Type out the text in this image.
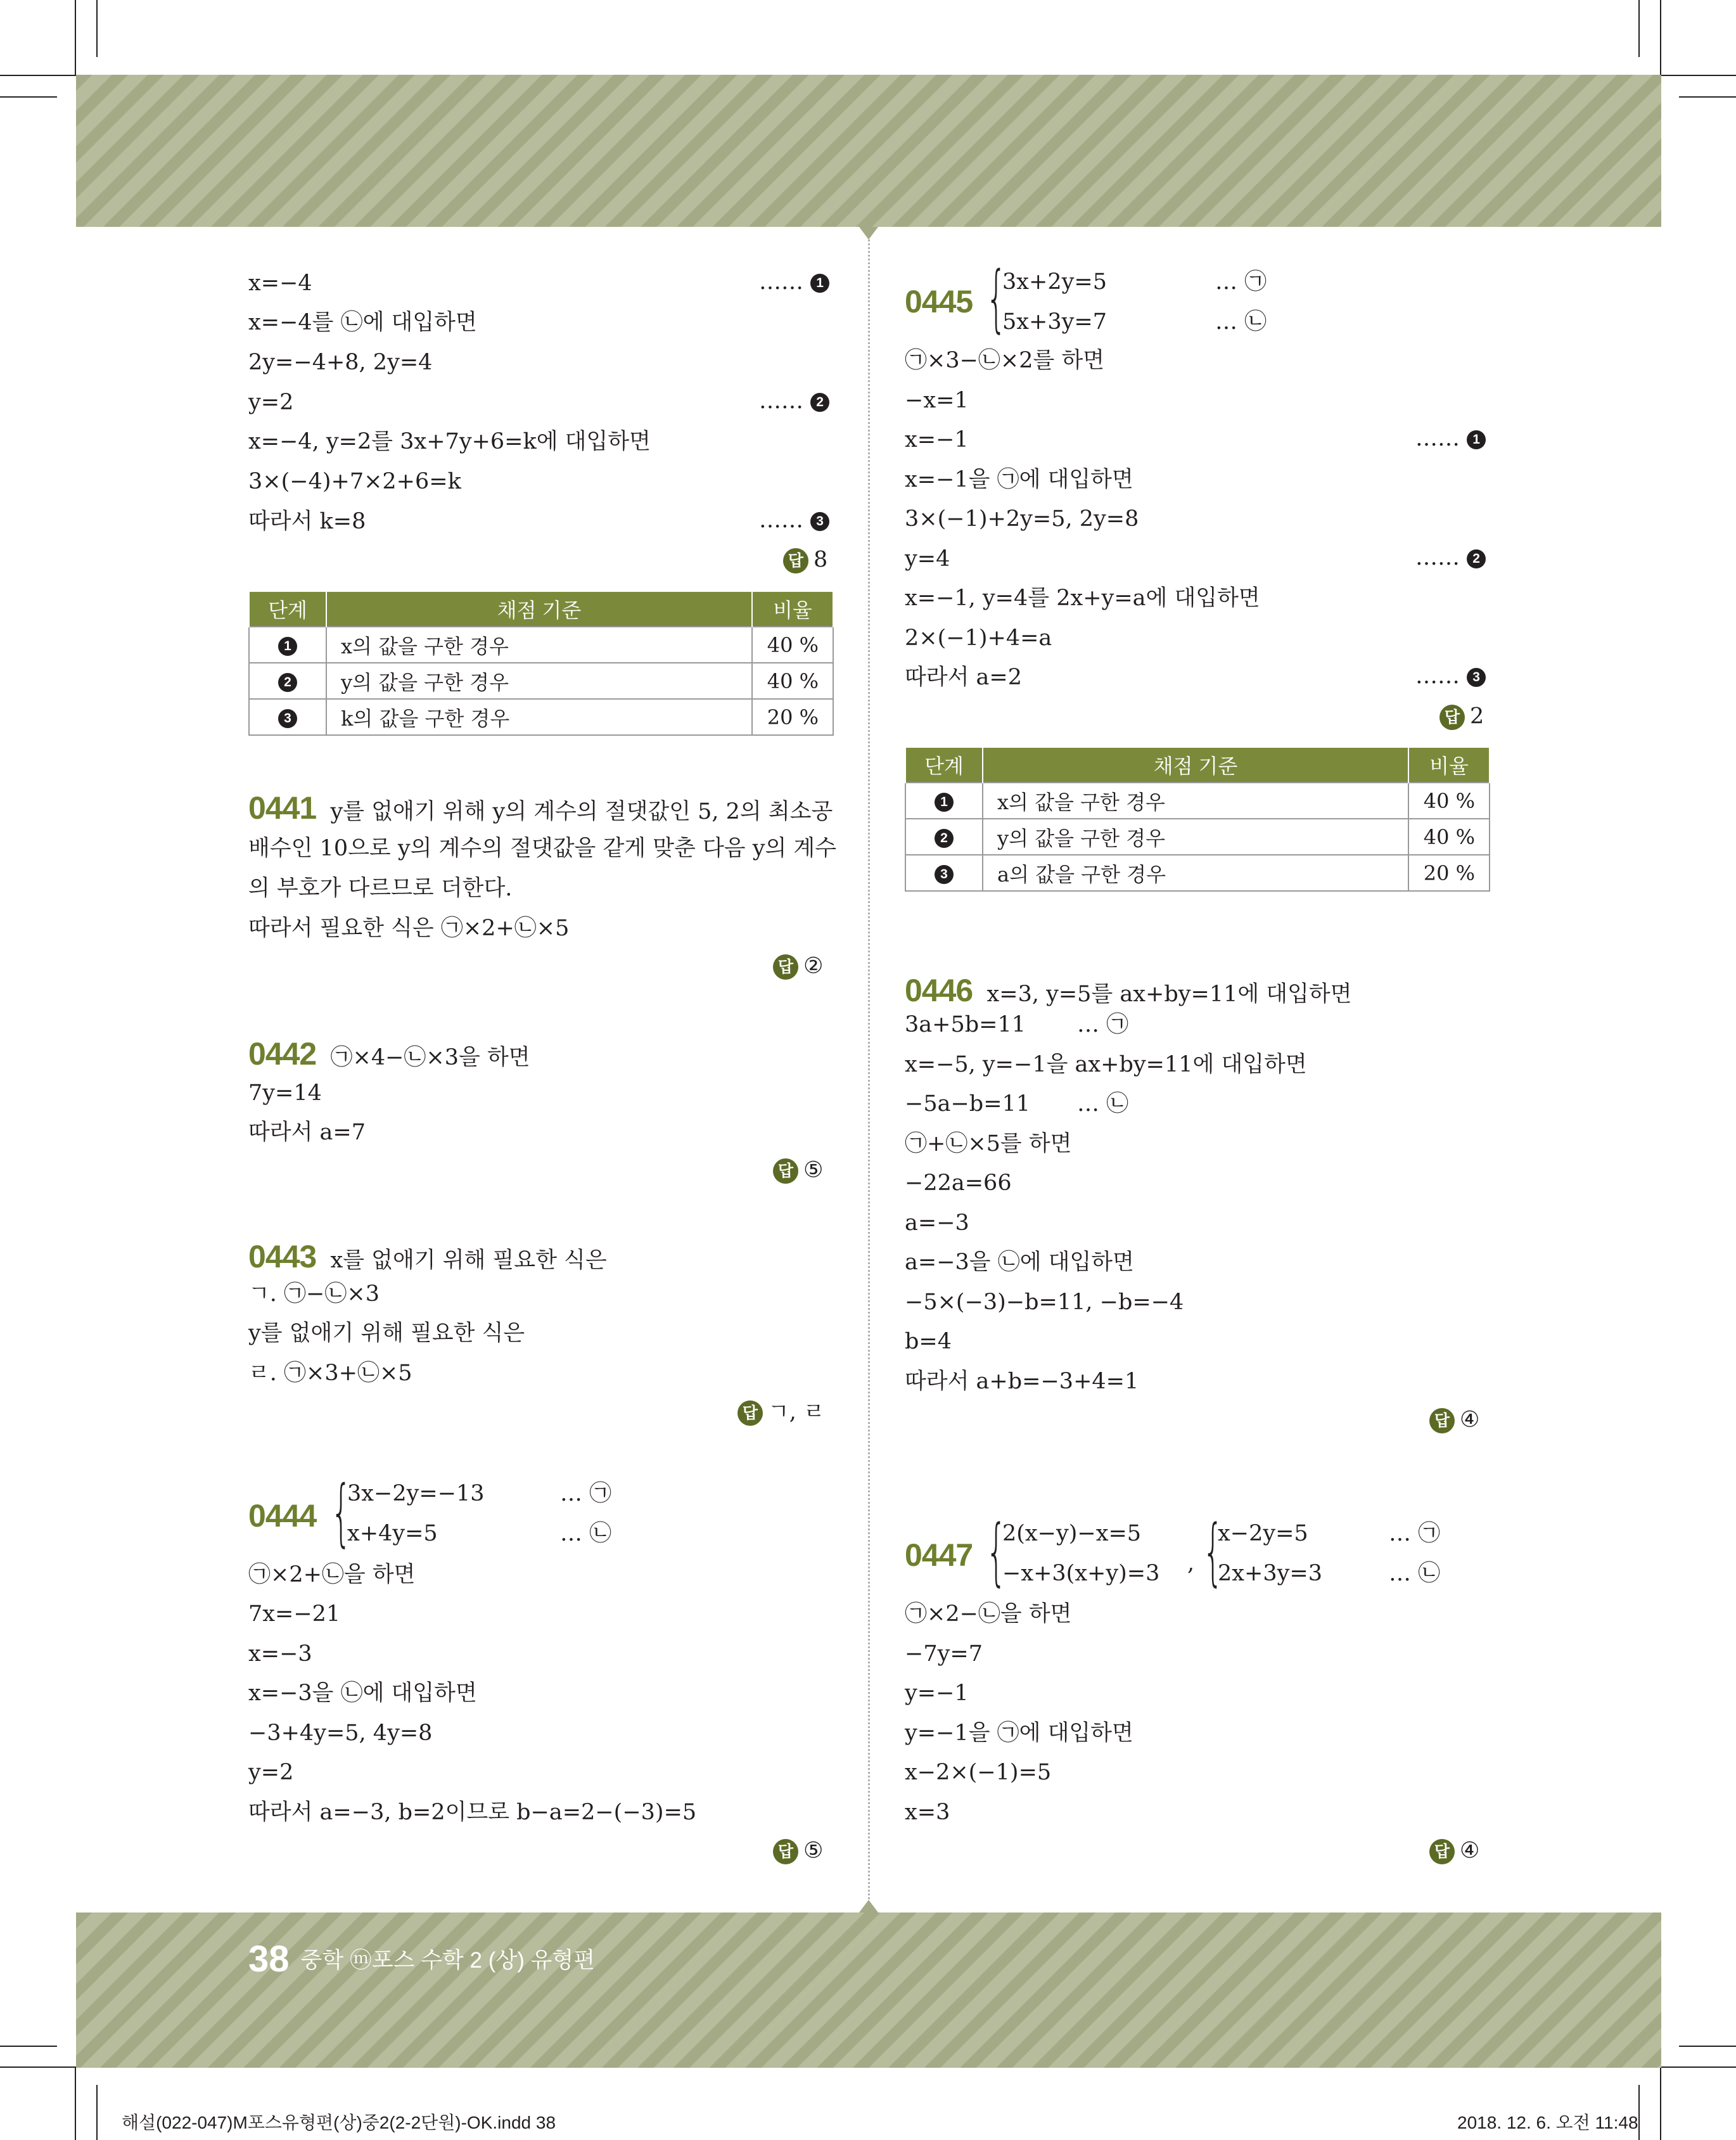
x=−4	…… 1
x=−4를 ㉡에 대입하면
2y=−4+8, 2y=4
y=2	…… 2
x=−4, y=2를 3x+7y+6=k에 대입하면
3×(−4)+7×2+6=k
따라서 k=8	…… 3
답 8
단계	채점 기준	비율
1	x의 값을 구한 경우	40 %
2	y의 값을 구한 경우	40 %
3	k의 값을 구한 경우	20 %
0441 y를 없애기 위해 y의 계수의 절댓값인 5, 2의 최소공
배수인 10으로 y의 계수의 절댓값을 같게 맞춘 다음 y의 계수
의 부호가 다르므로 더한다.
따라서 필요한 식은 ㉠×2+㉡×5
답 ②
0442 ㉠×4−㉡×3을 하면
7y=14
따라서 a=7
답 ⑤
0443 x를 없애기 위해 필요한 식은
ㄱ. ㉠−㉡×3
y를 없애기 위해 필요한 식은
ㄹ. ㉠×3+㉡×5
답 ㄱ, ㄹ
0444 {
3x−2y=−13
x+4y=5
… ㉠
… ㉡
㉠×2+㉡을 하면
7x=−21
x=−3
x=−3을 ㉡에 대입하면
−3+4y=5, 4y=8
y=2
따라서 a=−3, b=2이므로 b−a=2−(−3)=5
답 ⑤
0445 {
3x+2y=5
5x+3y=7
… ㉠
… ㉡
㉠×3−㉡×2를 하면
−x=1
x=−1	…… 1
x=−1을 ㉠에 대입하면
3×(−1)+2y=5, 2y=8
y=4	…… 2
x=−1, y=4를 2x+y=a에 대입하면
2×(−1)+4=a
따라서 a=2	…… 3
답 2
단계	채점 기준	비율
1	x의 값을 구한 경우	40 %
2	y의 값을 구한 경우	40 %
3	a의 값을 구한 경우	20 %
0446 x=3, y=5를 ax+by=11에 대입하면
3a+5b=11 … ㉠
x=−5, y=−1을 ax+by=11에 대입하면
−5a−b=11 … ㉡
㉠+㉡×5를 하면
−22a=66
a=−3
a=−3을 ㉡에 대입하면
−5×(−3)−b=11, −b=−4
b=4
따라서 a+b=−3+4=1
답 ④
0447 {
2(x−y)−x=5
−x+3(x+y)=3 , {
x−2y=5
2x+3y=3
… ㉠
… ㉡
㉠×2−㉡을 하면
−7y=7
y=−1
y=−1을 ㉠에 대입하면
x−2×(−1)=5
x=3
답 ④
38 중학 ⓜ포스 수학 2 (상) 유형편
해설(022-047)M포스유형편(상)중2(2-2단원)-OK.indd 38	2018. 12. 6. 오전 11:48
